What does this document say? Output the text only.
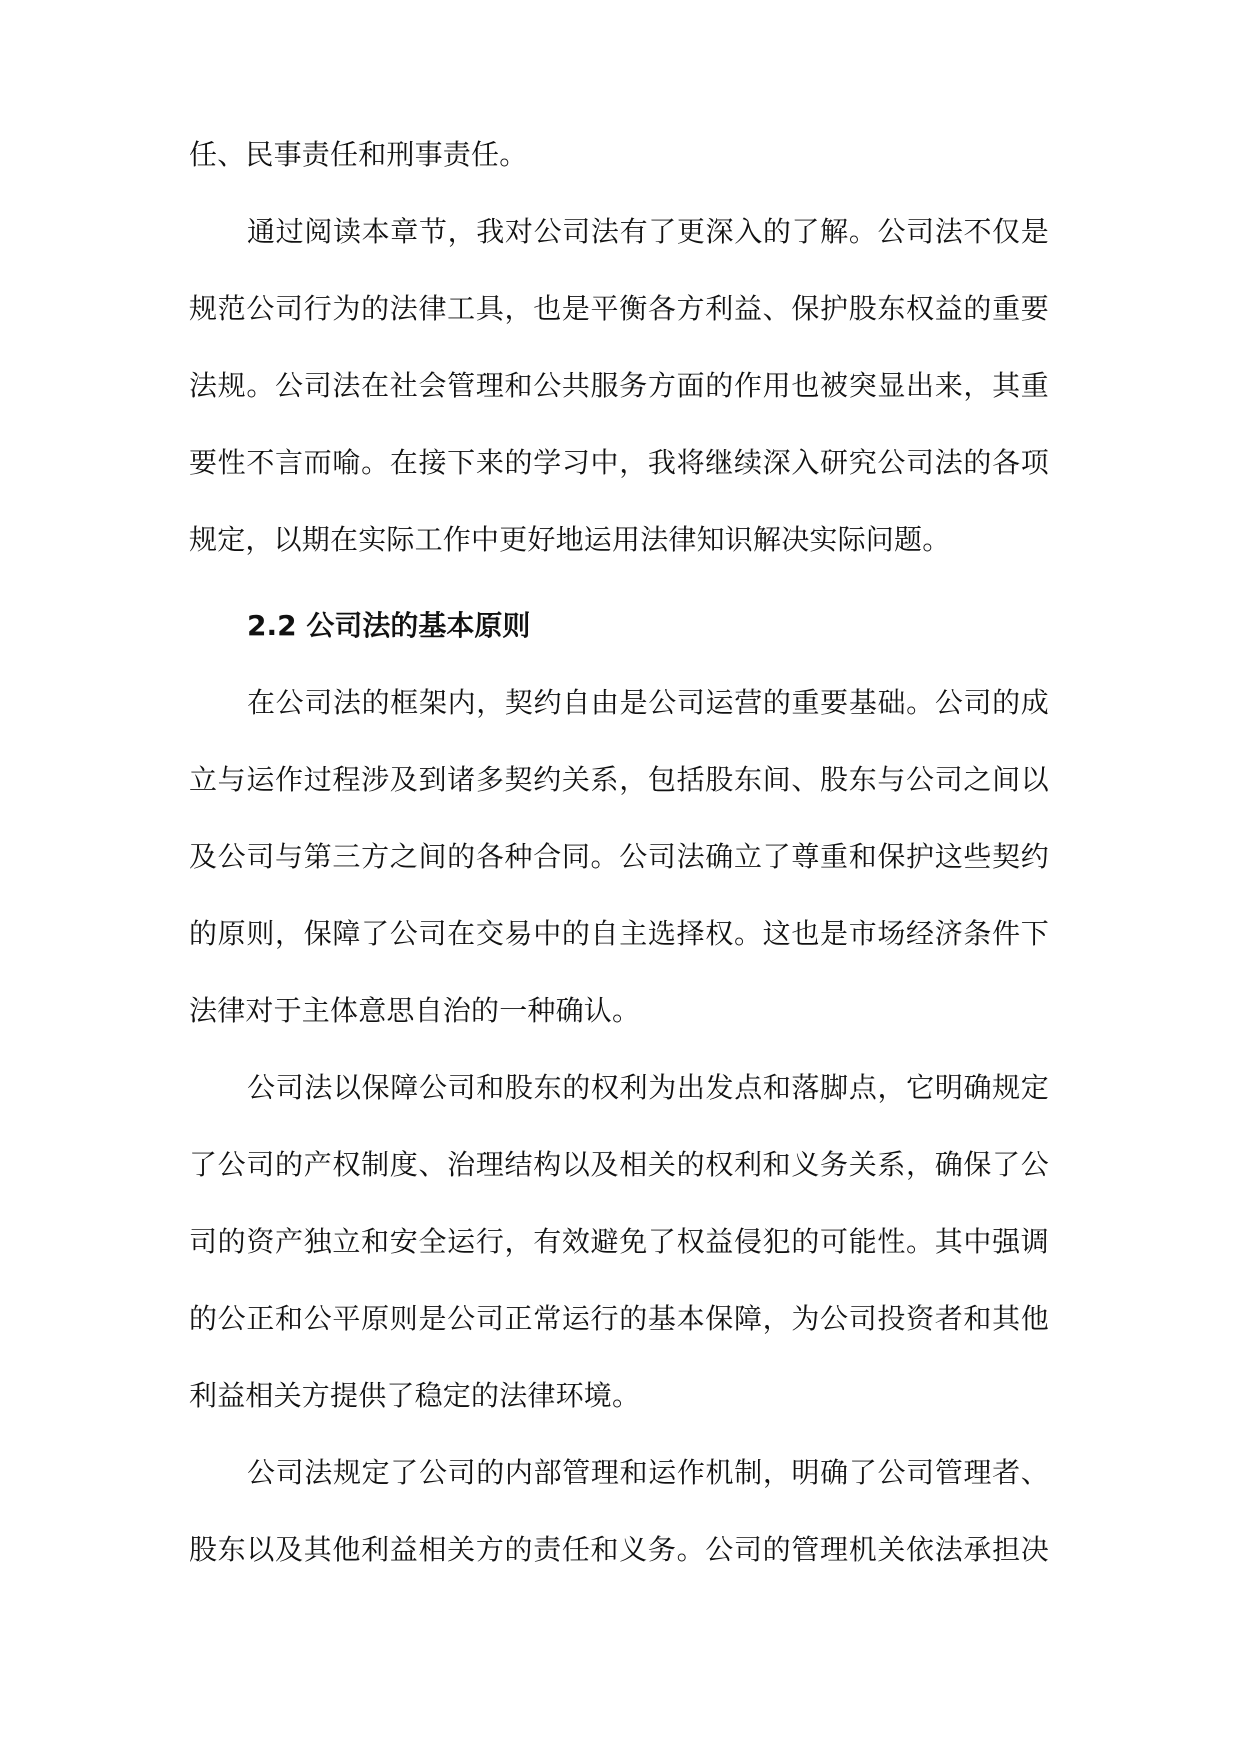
任、民事责任和刑事责任。
通过阅读本章节，我对公司法有了更深入的了解。公司法不仅是
规范公司行为的法律工具，也是平衡各方利益、保护股东权益的重要
法规。公司法在社会管理和公共服务方面的作用也被突显出来，其重
要性不言而喻。在接下来的学习中，我将继续深入研究公司法的各项
规定，以期在实际工作中更好地运用法律知识解决实际问题。
2.2 公司法的基本原则
在公司法的框架内，契约自由是公司运营的重要基础。公司的成
立与运作过程涉及到诸多契约关系，包括股东间、股东与公司之间以
及公司与第三方之间的各种合同。公司法确立了尊重和保护这些契约
的原则，保障了公司在交易中的自主选择权。这也是市场经济条件下
法律对于主体意思自治的一种确认。
公司法以保障公司和股东的权利为出发点和落脚点，它明确规定
了公司的产权制度、治理结构以及相关的权利和义务关系，确保了公
司的资产独立和安全运行，有效避免了权益侵犯的可能性。其中强调
的公正和公平原则是公司正常运行的基本保障，为公司投资者和其他
利益相关方提供了稳定的法律环境。
公司法规定了公司的内部管理和运作机制，明确了公司管理者、
股东以及其他利益相关方的责任和义务。公司的管理机关依法承担决
